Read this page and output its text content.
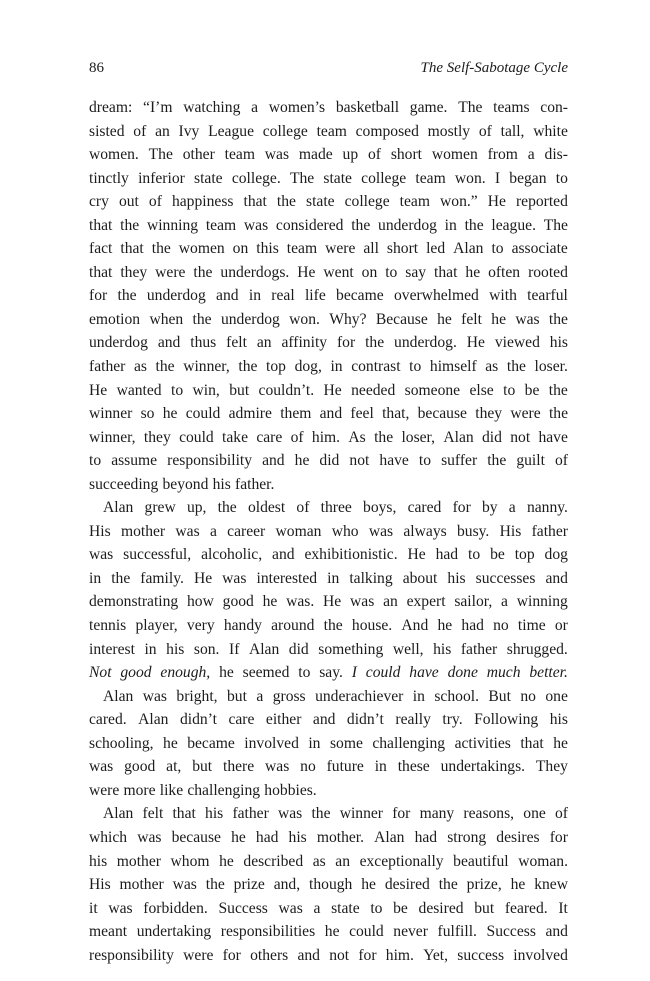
86	The Self-Sabotage Cycle
dream: “I’m watching a women’s basketball game. The teams con-
sisted of an Ivy League college team composed mostly of tall, white
women. The other team was made up of short women from a dis-
tinctly inferior state college. The state college team won. I began to
cry out of happiness that the state college team won.” He reported
that the winning team was considered the underdog in the league. The
fact that the women on this team were all short led Alan to associate
that they were the underdogs. He went on to say that he often rooted
for the underdog and in real life became overwhelmed with tearful
emotion when the underdog won. Why? Because he felt he was the
underdog and thus felt an affinity for the underdog. He viewed his
father as the winner, the top dog, in contrast to himself as the loser.
He wanted to win, but couldn’t. He needed someone else to be the
winner so he could admire them and feel that, because they were the
winner, they could take care of him. As the loser, Alan did not have
to assume responsibility and he did not have to suffer the guilt of
succeeding beyond his father.
Alan grew up, the oldest of three boys, cared for by a nanny.
His mother was a career woman who was always busy. His father
was successful, alcoholic, and exhibitionistic. He had to be top dog
in the family. He was interested in talking about his successes and
demonstrating how good he was. He was an expert sailor, a winning
tennis player, very handy around the house. And he had no time or
interest in his son. If Alan did something well, his father shrugged.
Not good enough, he seemed to say. I could have done much better.
Alan was bright, but a gross underachiever in school. But no one
cared. Alan didn’t care either and didn’t really try. Following his
schooling, he became involved in some challenging activities that he
was good at, but there was no future in these undertakings. They
were more like challenging hobbies.
Alan felt that his father was the winner for many reasons, one of
which was because he had his mother. Alan had strong desires for
his mother whom he described as an exceptionally beautiful woman.
His mother was the prize and, though he desired the prize, he knew
it was forbidden. Success was a state to be desired but feared. It
meant undertaking responsibilities he could never fulfill. Success and
responsibility were for others and not for him. Yet, success involved
